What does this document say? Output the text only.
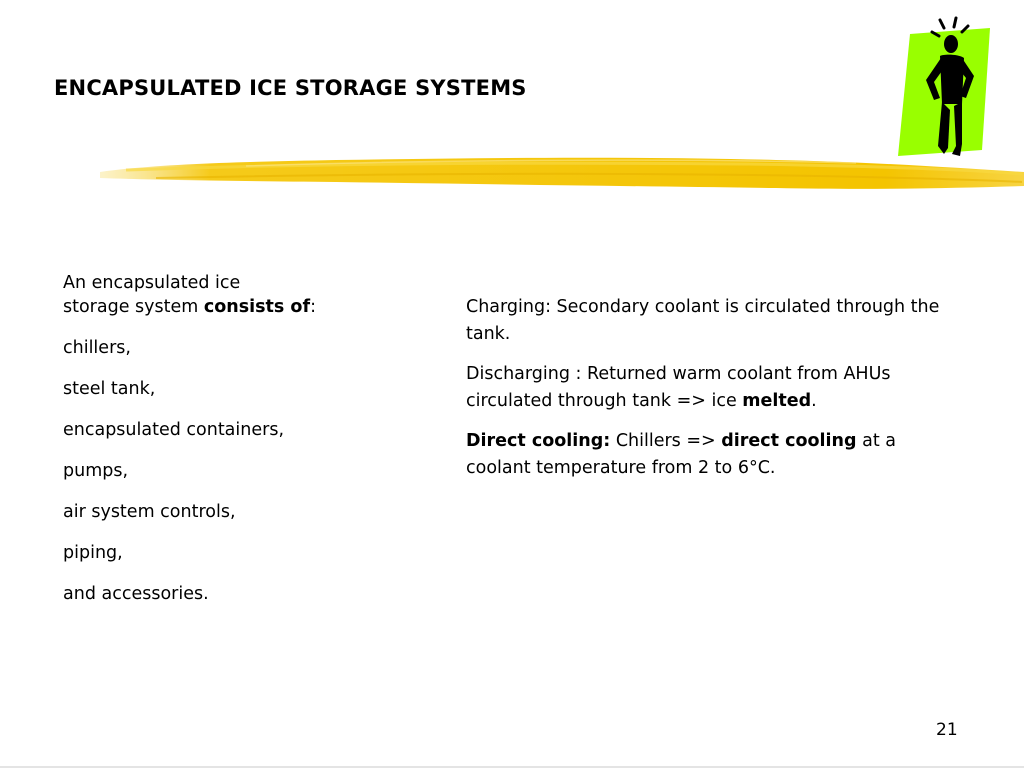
ENCAPSULATED ICE STORAGE SYSTEMS

An encapsulated ice
storage system consists of:

chillers,

steel tank,

encapsulated containers,

pumps,

air system controls,

piping,

and accessories.

Charging: Secondary coolant is circulated through the tank.

Discharging : Returned warm coolant from AHUs circulated through tank => ice melted.

Direct cooling: Chillers => direct cooling at a coolant temperature from 2 to 6°C.

21
